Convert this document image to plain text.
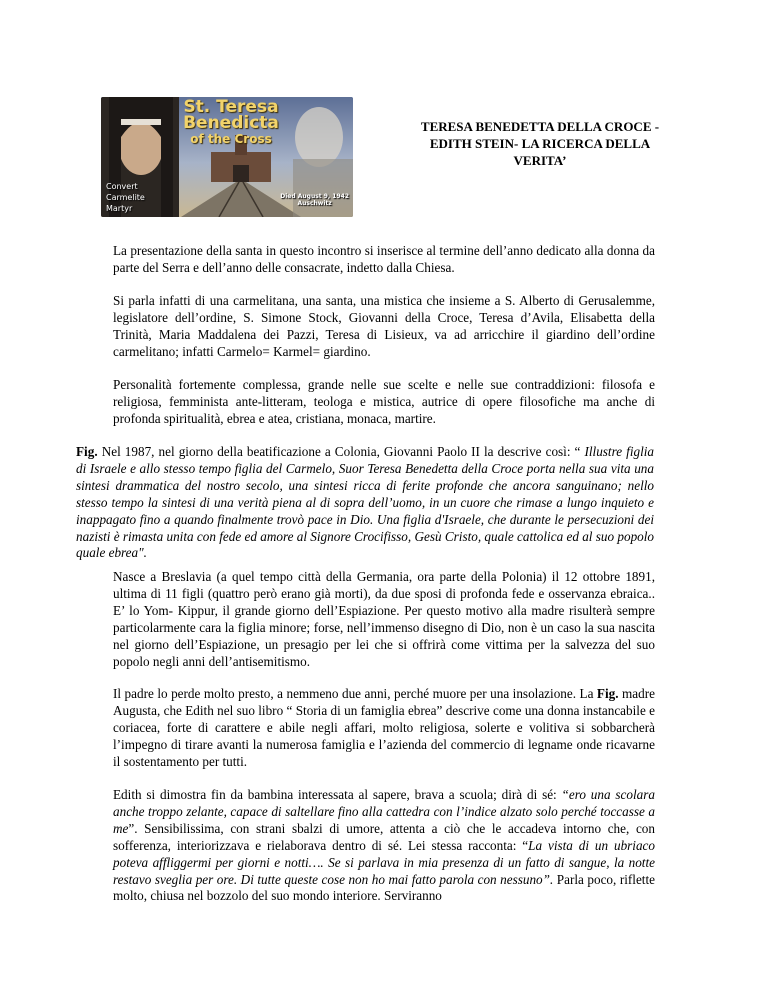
St. Teresa
Benedicta
of the Cross
Convert
Carmelite
Martyr
Died August 9, 1942
Auschwitz
TERESA BENEDETTA DELLA CROCE -
EDITH STEIN- LA RICERCA DELLA
VERITA’

La presentazione della santa in questo incontro si inserisce al termine dell’anno dedicato alla donna da parte del Serra e dell’anno delle consacrate, indetto dalla Chiesa.

Si parla infatti di una carmelitana, una santa, una mistica che insieme a S. Alberto di Gerusalemme, legislatore dell’ordine, S. Simone Stock, Giovanni della Croce, Teresa d’Avila, Elisabetta della Trinità, Maria Maddalena dei Pazzi, Teresa di Lisieux, va ad arricchire il giardino dell’ordine carmelitano; infatti Carmelo= Karmel= giardino.

Personalità fortemente complessa, grande nelle sue scelte e nelle sue contraddizioni: filosofa e religiosa, femminista ante-litteram, teologa e mistica, autrice di opere filosofiche ma anche di profonda spiritualità, ebrea e atea, cristiana, monaca, martire.

Fig. Nel 1987, nel giorno della beatificazione a Colonia, Giovanni Paolo II la descrive così: “ Illustre figlia di Israele e allo stesso tempo figlia del Carmelo, Suor Teresa Benedetta della Croce porta nella sua vita una sintesi drammatica del nostro secolo, una sintesi ricca di ferite profonde che ancora sanguinano; nello stesso tempo la sintesi di una verità piena al di sopra dell’uomo, in un cuore che rimase a lungo inquieto e inappagato fino a quando finalmente trovò pace in Dio. Una figlia d'Israele, che durante le persecuzioni dei nazisti è rimasta unita con fede ed amore al Signore Crocifisso, Gesù Cristo, quale cattolica ed al suo popolo quale ebrea".

Nasce a Breslavia (a quel tempo città della Germania, ora parte della Polonia) il 12 ottobre 1891, ultima di 11 figli (quattro però erano già morti), da due sposi di profonda fede e osservanza ebraica.. E’ lo Yom- Kippur, il grande giorno dell’Espiazione. Per questo motivo alla madre risulterà sempre particolarmente cara la figlia minore; forse, nell’immenso disegno di Dio, non è un caso la sua nascita nel giorno dell’Espiazione, un presagio per lei che si offrirà come vittima per la salvezza del suo popolo negli anni dell’antisemitismo.

Il padre lo perde molto presto, a nemmeno due anni, perché muore per una insolazione. La Fig. madre Augusta, che Edith nel suo libro “ Storia di un famiglia ebrea” descrive come una donna instancabile e coriacea, forte di carattere e abile negli affari, molto religiosa, solerte e volitiva si sobbarcherà l’impegno di tirare avanti la numerosa famiglia e l’azienda del commercio di legname onde ricavarne il sostentamento per tutti.

Edith si dimostra fin da bambina interessata al sapere, brava a scuola; dirà di sé: “ero una scolara anche troppo zelante, capace di saltellare fino alla cattedra con l’indice alzato solo perché toccasse a me”. Sensibilissima, con strani sbalzi di umore, attenta a ciò che le accadeva intorno che, con sofferenza, interiorizzava e rielaborava dentro di sé. Lei stessa racconta: “La vista di un ubriaco poteva affliggermi per giorni e notti…. Se si parlava in mia presenza di un fatto di sangue, la notte restavo sveglia per ore. Di tutte queste cose non ho mai fatto parola con nessuno”. Parla poco, riflette molto, chiusa nel bozzolo del suo mondo interiore. Serviranno
